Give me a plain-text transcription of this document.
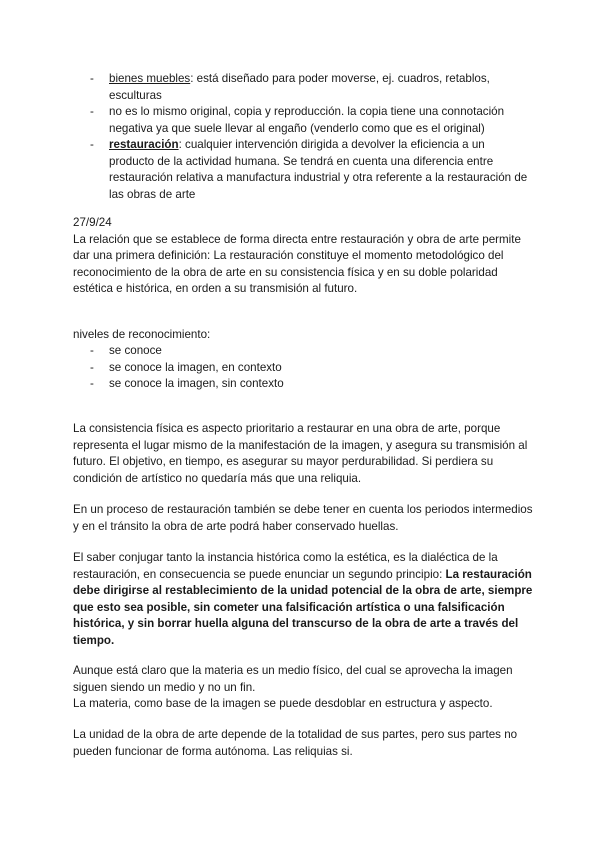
- bienes muebles: está diseñado para poder moverse, ej. cuadros, retablos, esculturas
- no es lo mismo original, copia y reproducción. la copia tiene una connotación negativa ya que suele llevar al engaño (venderlo como que es el original)
- restauración: cualquier intervención dirigida a devolver la eficiencia a un producto de la actividad humana. Se tendrá en cuenta una diferencia entre restauración relativa a manufactura industrial y otra referente a la restauración de las obras de arte

27/9/24

La relación que se establece de forma directa entre restauración y obra de arte permite dar una primera definición: La restauración constituye el momento metodológico del reconocimiento de la obra de arte en su consistencia física y en su doble polaridad estética e histórica, en orden a su transmisión al futuro.

niveles de reconocimiento:

- se conoce
- se conoce la imagen, en contexto
- se conoce la imagen, sin contexto

La consistencia física es aspecto prioritario a restaurar en una obra de arte, porque representa el lugar mismo de la manifestación de la imagen, y asegura su transmisión al futuro. El objetivo, en tiempo, es asegurar su mayor perdurabilidad. Si perdiera su condición de artístico no quedaría más que una reliquia.

En un proceso de restauración también se debe tener en cuenta los periodos intermedios y en el tránsito la obra de arte podrá haber conservado huellas.

El saber conjugar tanto la instancia histórica como la estética, es la dialéctica de la restauración, en consecuencia se puede enunciar un segundo principio: La restauración debe dirigirse al restablecimiento de la unidad potencial de la obra de arte, siempre que esto sea posible, sin cometer una falsificación artística o una falsificación histórica, y sin borrar huella alguna del transcurso de la obra de arte a través del tiempo.

Aunque está claro que la materia es un medio físico, del cual se aprovecha la imagen siguen siendo un medio y no un fin.

La materia, como base de la imagen se puede desdoblar en estructura y aspecto.

La unidad de la obra de arte depende de la totalidad de sus partes, pero sus partes no pueden funcionar de forma autónoma. Las reliquias si.
